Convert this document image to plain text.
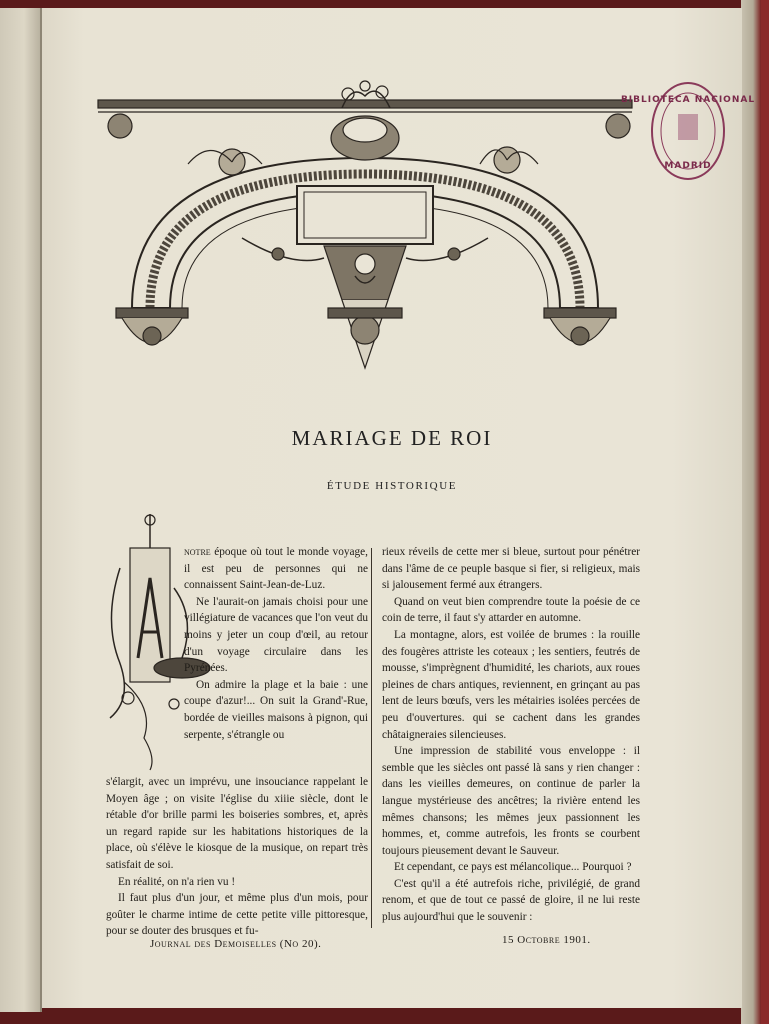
BIBLIOTECA NACIONAL
MADRID
MARIAGE DE ROI
ÉTUDE HISTORIQUE

notre époque où tout le monde voyage, il est peu de personnes qui ne connaissent Saint-Jean-de-Luz.

Ne l'aurait-on jamais choisi pour une villégiature de vacances que l'on veut du moins y jeter un coup d'œil, au retour d'un voyage circulaire dans les Pyrénées.

On admire la plage et la baie : une coupe d'azur!... On suit la Grand'-Rue, bordée de vieilles maisons à pignon, qui serpente, s'étrangle ou

s'élargit, avec un imprévu, une insouciance rappelant le Moyen âge ; on visite l'église du xiiie siècle, dont le rétable d'or brille parmi les boiseries sombres, et, après un regard rapide sur les habitations historiques de la place, où s'élève le kiosque de la musique, on repart très satisfait de soi.

En réalité, on n'a rien vu !

Il faut plus d'un jour, et même plus d'un mois, pour goûter le charme intime de cette petite ville pittoresque, pour se douter des brusques et fu-

rieux réveils de cette mer si bleue, surtout pour pénétrer dans l'âme de ce peuple basque si fier, si religieux, mais si jalousement fermé aux étrangers.

Quand on veut bien comprendre toute la poésie de ce coin de terre, il faut s'y attarder en automne.

La montagne, alors, est voilée de brumes : la rouille des fougères attriste les coteaux ; les sentiers, feutrés de mousse, s'imprègnent d'humidité, les chariots, aux roues pleines de chars antiques, reviennent, en grinçant au pas lent de leurs bœufs, vers les métairies isolées percées de peu d'ouvertures. qui se cachent dans les grandes châtaigneraies silencieuses.

Une impression de stabilité vous enveloppe : il semble que les siècles ont passé là sans y rien changer : dans les vieilles demeures, on continue de parler la langue mystérieuse des ancêtres; la rivière entend les mêmes chansons; les mêmes jeux passionnent les hommes, et, comme autrefois, les fronts se courbent toujours pieusement devant le Sauveur.

Et cependant, ce pays est mélancolique... Pourquoi ?

C'est qu'il a été autrefois riche, privilégié, de grand renom, et que de tout ce passé de gloire, il ne lui reste plus aujourd'hui que le souvenir :

Journal des Demoiselles (No 20).	15 Octobre 1901.
